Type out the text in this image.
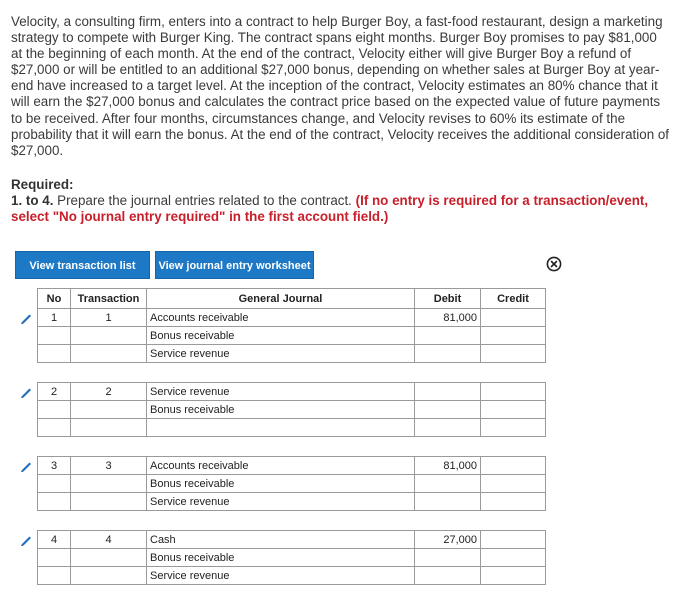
Velocity, a consulting firm, enters into a contract to help Burger Boy, a fast-food restaurant, design a marketing strategy to compete with Burger King. The contract spans eight months. Burger Boy promises to pay $81,000 at the beginning of each month. At the end of the contract, Velocity either will give Burger Boy a refund of $27,000 or will be entitled to an additional $27,000 bonus, depending on whether sales at Burger Boy at year-end have increased to a target level. At the inception of the contract, Velocity estimates an 80% chance that it will earn the $27,000 bonus and calculates the contract price based on the expected value of future payments to be received. After four months, circumstances change, and Velocity revises to 60% its estimate of the probability that it will earn the bonus. At the end of the contract, Velocity receives the additional consideration of $27,000.
Required:
1. to 4. Prepare the journal entries related to the contract. (If no entry is required for a transaction/event, select "No journal entry required" in the first account field.)
View transaction list	View journal entry worksheet
No	Transaction	General Journal	Debit	Credit
1	1	Accounts receivable	81,000	
		Bonus receivable		
		Service revenue		

2	2	Service revenue		
		Bonus receivable		

3	3	Accounts receivable	81,000	
		Bonus receivable		
		Service revenue		

4	4	Cash	27,000	
		Bonus receivable		
		Service revenue		
